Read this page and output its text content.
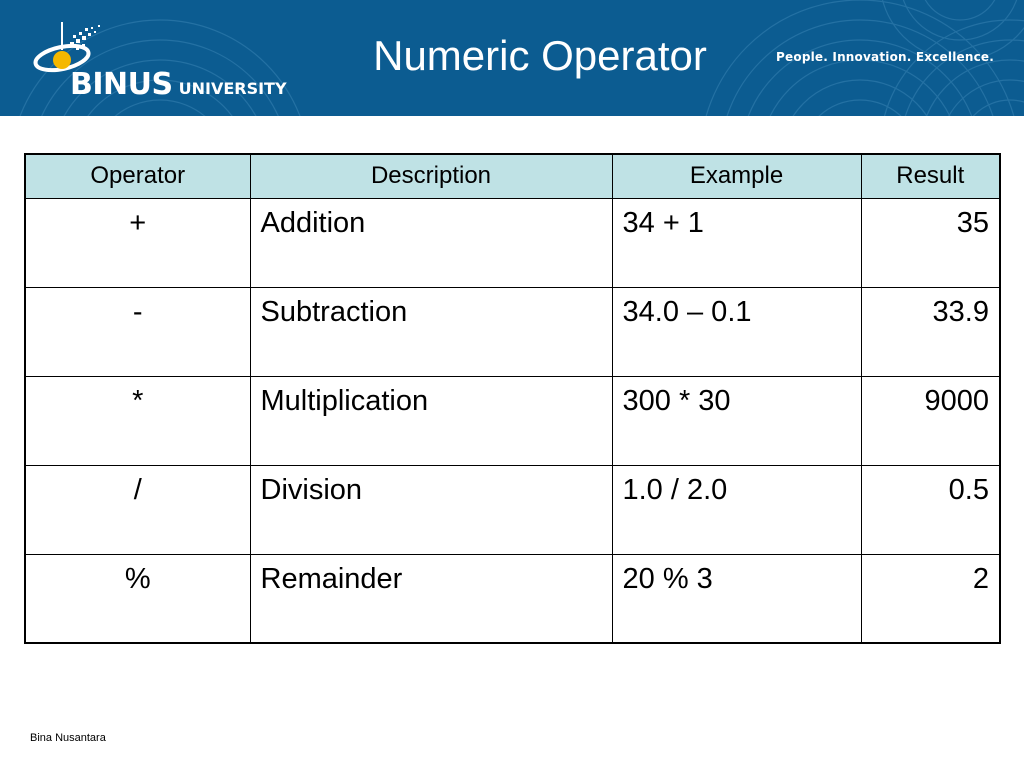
BINUS UNIVERSITY
Numeric Operator	People. Innovation. Excellence.
Operator	Description	Example	Result
+	Addition	34 + 1	35
-	Subtraction	34.0 – 0.1	33.9
*	Multiplication	300 * 30	9000
/	Division	1.0 / 2.0	0.5
%	Remainder	20 % 3	2
Bina Nusantara
